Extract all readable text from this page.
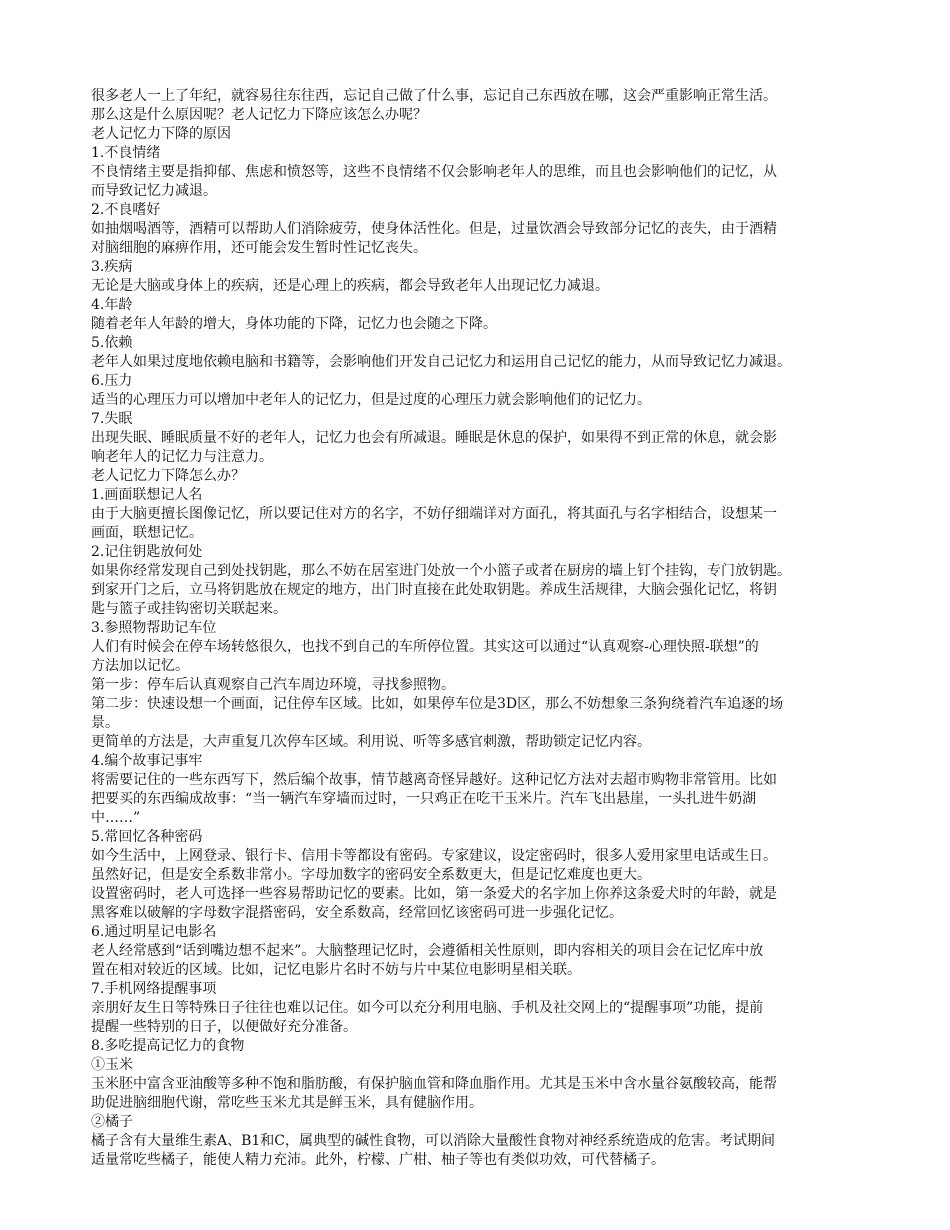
很多老人一上了年纪，就容易往东往西，忘记自己做了什么事，忘记自己东西放在哪，这会严重影响正常生活。
那么这是什么原因呢？老人记忆力下降应该怎么办呢？
老人记忆力下降的原因
1.不良情绪
不良情绪主要是指抑郁、焦虑和愤怒等，这些不良情绪不仅会影响老年人的思维，而且也会影响他们的记忆，从
而导致记忆力减退。
2.不良嗜好
如抽烟喝酒等，酒精可以帮助人们消除疲劳，使身体活性化。但是，过量饮酒会导致部分记忆的丧失，由于酒精
对脑细胞的麻痹作用，还可能会发生暂时性记忆丧失。
3.疾病
无论是大脑或身体上的疾病，还是心理上的疾病，都会导致老年人出现记忆力减退。
4.年龄
随着老年人年龄的增大，身体功能的下降，记忆力也会随之下降。
5.依赖
老年人如果过度地依赖电脑和书籍等，会影响他们开发自己记忆力和运用自己记忆的能力，从而导致记忆力减退。
6.压力
适当的心理压力可以增加中老年人的记忆力，但是过度的心理压力就会影响他们的记忆力。
7.失眠
出现失眠、睡眠质量不好的老年人，记忆力也会有所减退。睡眠是休息的保护，如果得不到正常的休息，就会影
响老年人的记忆力与注意力。
老人记忆力下降怎么办？
1.画面联想记人名
由于大脑更擅长图像记忆，所以要记住对方的名字，不妨仔细端详对方面孔，将其面孔与名字相结合，设想某一
画面，联想记忆。
2.记住钥匙放何处
如果你经常发现自己到处找钥匙，那么不妨在居室进门处放一个小篮子或者在厨房的墙上钉个挂钩，专门放钥匙。
到家开门之后，立马将钥匙放在规定的地方，出门时直接在此处取钥匙。养成生活规律，大脑会强化记忆，将钥
匙与篮子或挂钩密切关联起来。
3.参照物帮助记车位
人们有时候会在停车场转悠很久，也找不到自己的车所停位置。其实这可以通过“认真观察-心理快照-联想”的
方法加以记忆。
第一步：停车后认真观察自己汽车周边环境，寻找参照物。
第二步：快速设想一个画面，记住停车区域。比如，如果停车位是3D区，那么不妨想象三条狗绕着汽车追逐的场
景。
更简单的方法是，大声重复几次停车区域。利用说、听等多感官刺激，帮助锁定记忆内容。
4.编个故事记事牢
将需要记住的一些东西写下，然后编个故事，情节越离奇怪异越好。这种记忆方法对去超市购物非常管用。比如
把要买的东西编成故事：“当一辆汽车穿墙而过时，一只鸡正在吃干玉米片。汽车飞出悬崖，一头扎进牛奶湖
中……”
5.常回忆各种密码
如今生活中，上网登录、银行卡、信用卡等都设有密码。专家建议，设定密码时，很多人爱用家里电话或生日。
虽然好记，但是安全系数非常小。字母加数字的密码安全系数更大，但是记忆难度也更大。
设置密码时，老人可选择一些容易帮助记忆的要素。比如，第一条爱犬的名字加上你养这条爱犬时的年龄，就是
黑客难以破解的字母数字混搭密码，安全系数高，经常回忆该密码可进一步强化记忆。
6.通过明星记电影名
老人经常感到“话到嘴边想不起来”。大脑整理记忆时，会遵循相关性原则，即内容相关的项目会在记忆库中放
置在相对较近的区域。比如，记忆电影片名时不妨与片中某位电影明星相关联。
7.手机网络提醒事项
亲朋好友生日等特殊日子往往也难以记住。如今可以充分利用电脑、手机及社交网上的“提醒事项”功能，提前
提醒一些特别的日子，以便做好充分准备。
8.多吃提高记忆力的食物
①玉米
玉米胚中富含亚油酸等多种不饱和脂肪酸，有保护脑血管和降血脂作用。尤其是玉米中含水量谷氨酸较高，能帮
助促进脑细胞代谢，常吃些玉米尤其是鲜玉米，具有健脑作用。
②橘子
橘子含有大量维生素A、B1和C，属典型的碱性食物，可以消除大量酸性食物对神经系统造成的危害。考试期间
适量常吃些橘子，能使人精力充沛。此外，柠檬、广柑、柚子等也有类似功效，可代替橘子。
